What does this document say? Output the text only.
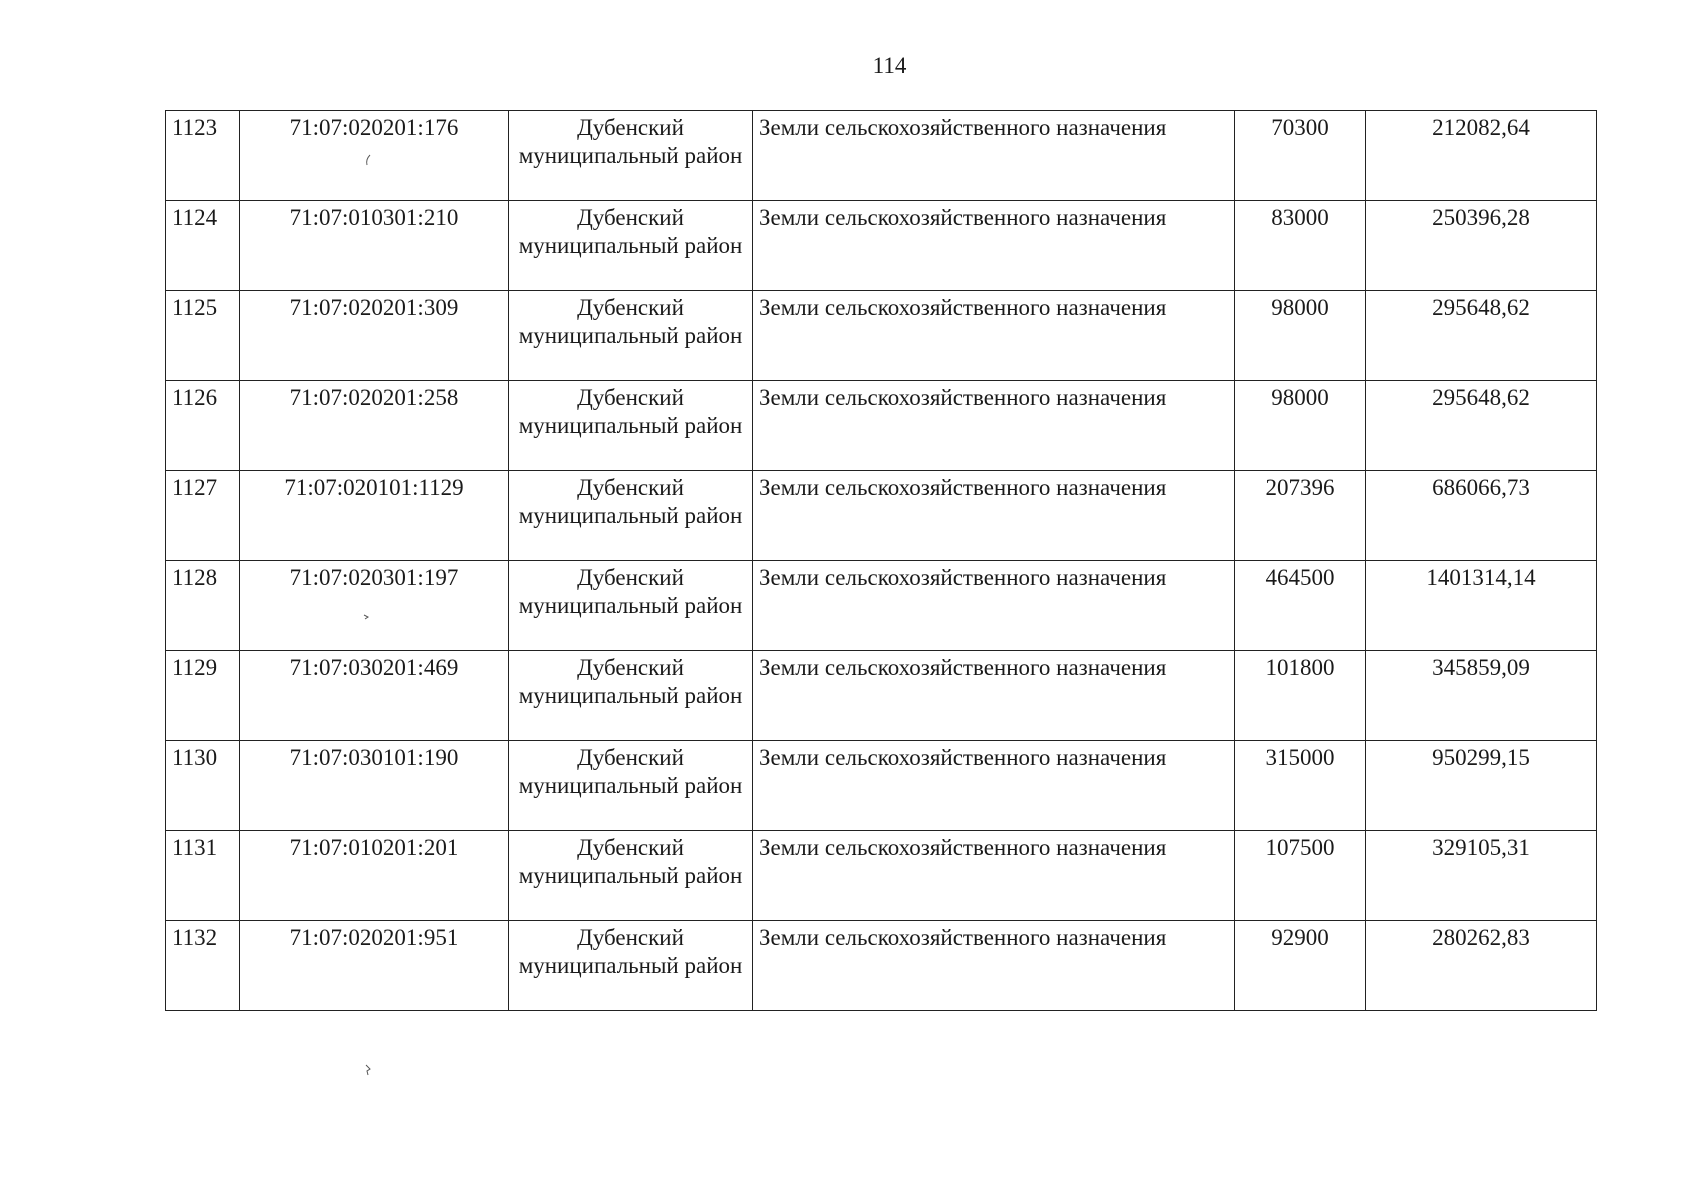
114
1123	71:07:020201:176	Дубенский муниципальный район	Земли сельскохозяйственного назначения	70300	212082,64
1124	71:07:010301:210	Дубенский муниципальный район	Земли сельскохозяйственного назначения	83000	250396,28
1125	71:07:020201:309	Дубенский муниципальный район	Земли сельскохозяйственного назначения	98000	295648,62
1126	71:07:020201:258	Дубенский муниципальный район	Земли сельскохозяйственного назначения	98000	295648,62
1127	71:07:020101:1129	Дубенский муниципальный район	Земли сельскохозяйственного назначения	207396	686066,73
1128	71:07:020301:197	Дубенский муниципальный район	Земли сельскохозяйственного назначения	464500	1401314,14
1129	71:07:030201:469	Дубенский муниципальный район	Земли сельскохозяйственного назначения	101800	345859,09
1130	71:07:030101:190	Дубенский муниципальный район	Земли сельскохозяйственного назначения	315000	950299,15
1131	71:07:010201:201	Дубенский муниципальный район	Земли сельскохозяйственного назначения	107500	329105,31
1132	71:07:020201:951	Дубенский муниципальный район	Земли сельскохозяйственного назначения	92900	280262,83
